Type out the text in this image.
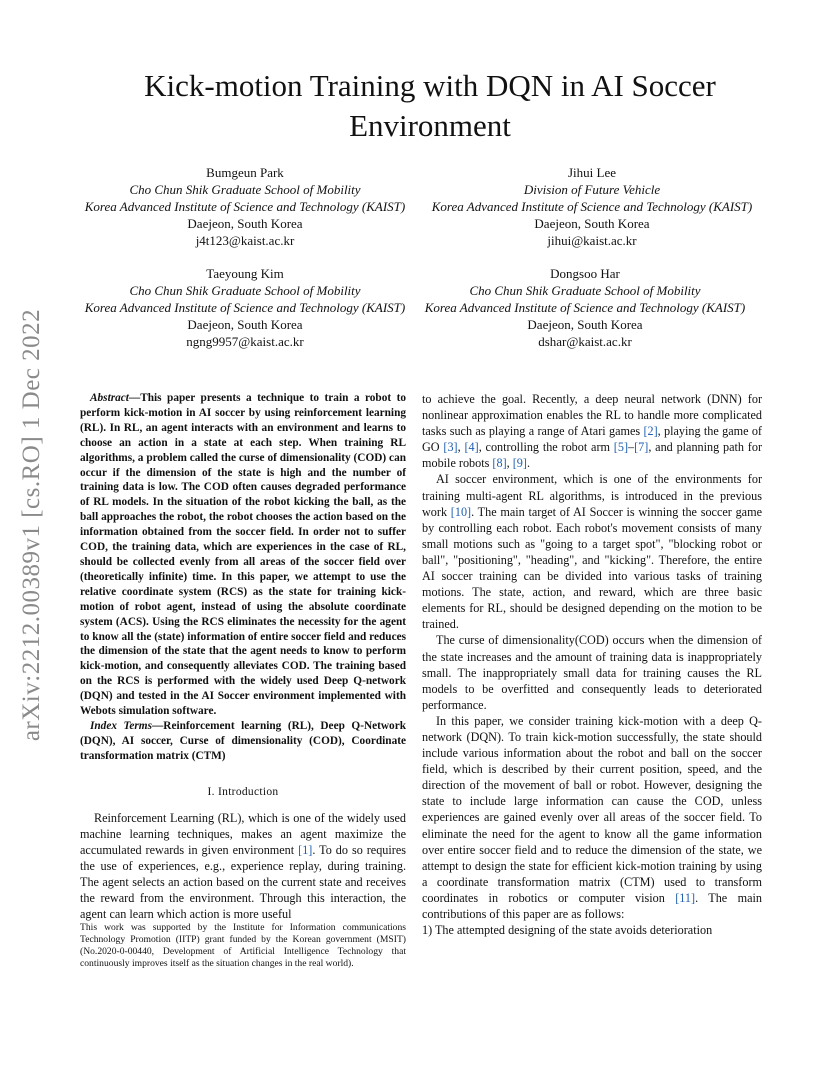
arXiv:2212.00389v1 [cs.RO] 1 Dec 2022
Kick-motion Training with DQN in AI Soccer
Environment
Bumgeun Park
Cho Chun Shik Graduate School of Mobility
Korea Advanced Institute of Science and Technology (KAIST)
Daejeon, South Korea
j4t123@kaist.ac.kr
Jihui Lee
Division of Future Vehicle
Korea Advanced Institute of Science and Technology (KAIST)
Daejeon, South Korea
jihui@kaist.ac.kr
Taeyoung Kim
Cho Chun Shik Graduate School of Mobility
Korea Advanced Institute of Science and Technology (KAIST)
Daejeon, South Korea
ngng9957@kaist.ac.kr
Dongsoo Har
Cho Chun Shik Graduate School of Mobility
Korea Advanced Institute of Science and Technology (KAIST)
Daejeon, South Korea
dshar@kaist.ac.kr

Abstract—This paper presents a technique to train a robot to perform kick-motion in AI soccer by using reinforcement learning (RL). In RL, an agent interacts with an environment and learns to choose an action in a state at each step. When training RL algorithms, a problem called the curse of dimensionality (COD) can occur if the dimension of the state is high and the number of training data is low. The COD often causes degraded performance of RL models. In the situation of the robot kicking the ball, as the ball approaches the robot, the robot chooses the action based on the information obtained from the soccer field. In order not to suffer COD, the training data, which are experiences in the case of RL, should be collected evenly from all areas of the soccer field over (theoretically infinite) time. In this paper, we attempt to use the relative coordinate system (RCS) as the state for training kick-motion of robot agent, instead of using the absolute coordinate system (ACS). Using the RCS eliminates the necessity for the agent to know all the (state) information of entire soccer field and reduces the dimension of the state that the agent needs to know to perform kick-motion, and consequently alleviates COD. The training based on the RCS is performed with the widely used Deep Q-network (DQN) and tested in the AI Soccer environment implemented with Webots simulation software.

Index Terms—Reinforcement learning (RL), Deep Q-Network (DQN), AI soccer, Curse of dimensionality (COD), Coordinate transformation matrix (CTM)

I. Introduction

Reinforcement Learning (RL), which is one of the widely used machine learning techniques, makes an agent maximize the accumulated rewards in given environment [1]. To do so requires the use of experiences, e.g., experience replay, during training. The agent selects an action based on the current state and receives the reward from the environment. Through this interaction, the agent can learn which action is more useful

This work was supported by the Institute for Information communications Technology Promotion (IITP) grant funded by the Korean government (MSIT) (No.2020-0-00440, Development of Artificial Intelligence Technology that continuously improves itself as the situation changes in the real world).

to achieve the goal. Recently, a deep neural network (DNN) for nonlinear approximation enables the RL to handle more complicated tasks such as playing a range of Atari games [2], playing the game of GO [3], [4], controlling the robot arm [5]–[7], and planning path for mobile robots [8], [9].

AI soccer environment, which is one of the environments for training multi-agent RL algorithms, is introduced in the previous work [10]. The main target of AI Soccer is winning the soccer game by controlling each robot. Each robot's movement consists of many small motions such as "going to a target spot", "blocking robot or ball", "positioning", "heading", and "kicking". Therefore, the entire AI soccer training can be divided into various tasks of training motions. The state, action, and reward, which are three basic elements for RL, should be designed depending on the motion to be trained.

The curse of dimensionality(COD) occurs when the dimension of the state increases and the amount of training data is inappropriately small. The inappropriately small data for training causes the RL models to be overfitted and consequently leads to deteriorated performance.

In this paper, we consider training kick-motion with a deep Q-network (DQN). To train kick-motion successfully, the state should include various information about the robot and ball on the soccer field, which is described by their current position, speed, and the direction of the movement of ball or robot. However, designing the state to include large information can cause the COD, unless experiences are gained evenly over all areas of the soccer field. To eliminate the need for the agent to know all the game information over entire soccer field and to reduce the dimension of the state, we attempt to design the state for efficient kick-motion training by using a coordinate transformation matrix (CTM) used to transform coordinates in robotics or computer vision [11]. The main contributions of this paper are as follows:

1) The attempted designing of the state avoids deterioration
